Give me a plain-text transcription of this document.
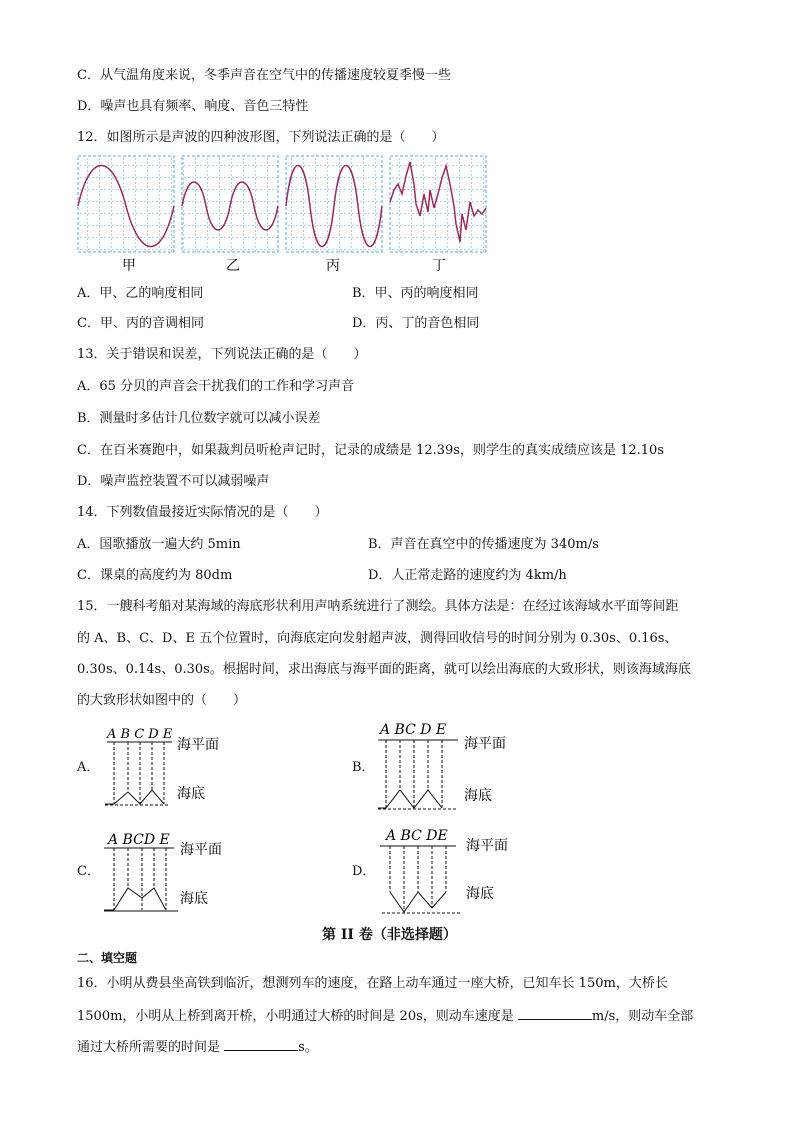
C．从气温角度来说，冬季声音在空气中的传播速度较夏季慢一些
D．噪声也具有频率、响度、音色三特性
12．如图所示是声波的四种波形图，下列说法正确的是（　　）
甲	乙	丙	丁
A．甲、乙的响度相同	B．甲、丙的响度相同
C．甲、丙的音调相同	D．丙、丁的音色相同
13．关于错误和误差，下列说法正确的是（　　）
A．65 分贝的声音会干扰我们的工作和学习声音
B．测量时多估计几位数字就可以减小误差
C．在百米赛跑中，如果裁判员听枪声记时，记录的成绩是 12.39s，则学生的真实成绩应该是 12.10s
D．噪声监控装置不可以减弱噪声
14．下列数值最接近实际情况的是（　　）
A．国歌播放一遍大约 5min	B．声音在真空中的传播速度为 340m/s
C．课桌的高度约为 80dm	D．人正常走路的速度约为 4km/h
15．一艘科考船对某海域的海底形状利用声呐系统进行了测绘。具体方法是：在经过该海域水平面等间距
的 A、B、C、D、E 五个位置时，向海底定向发射超声波，测得回收信号的时间分别为 0.30s、0.16s、
0.30s、0.14s、0.30s。根据时间，求出海底与海平面的距离，就可以绘出海底的大致形状，则该海域海底
的大致形状如图中的（　　）
A．
A B C D E
海平面
海底
B．
A BC D E
海平面
海底
C．
A BCD E
海平面
海底
D．
A BC DE
海平面
海底
第 II 卷（非选择题）
二、填空题
16．小明从费县坐高铁到临沂，想测列车的速度，在路上动车通过一座大桥，已知车长 150m，大桥长
1500m，小明从上桥到离开桥，小明通过大桥的时间是 20s，则动车速度是	m/s，则动车全部
通过大桥所需要的时间是	s。
